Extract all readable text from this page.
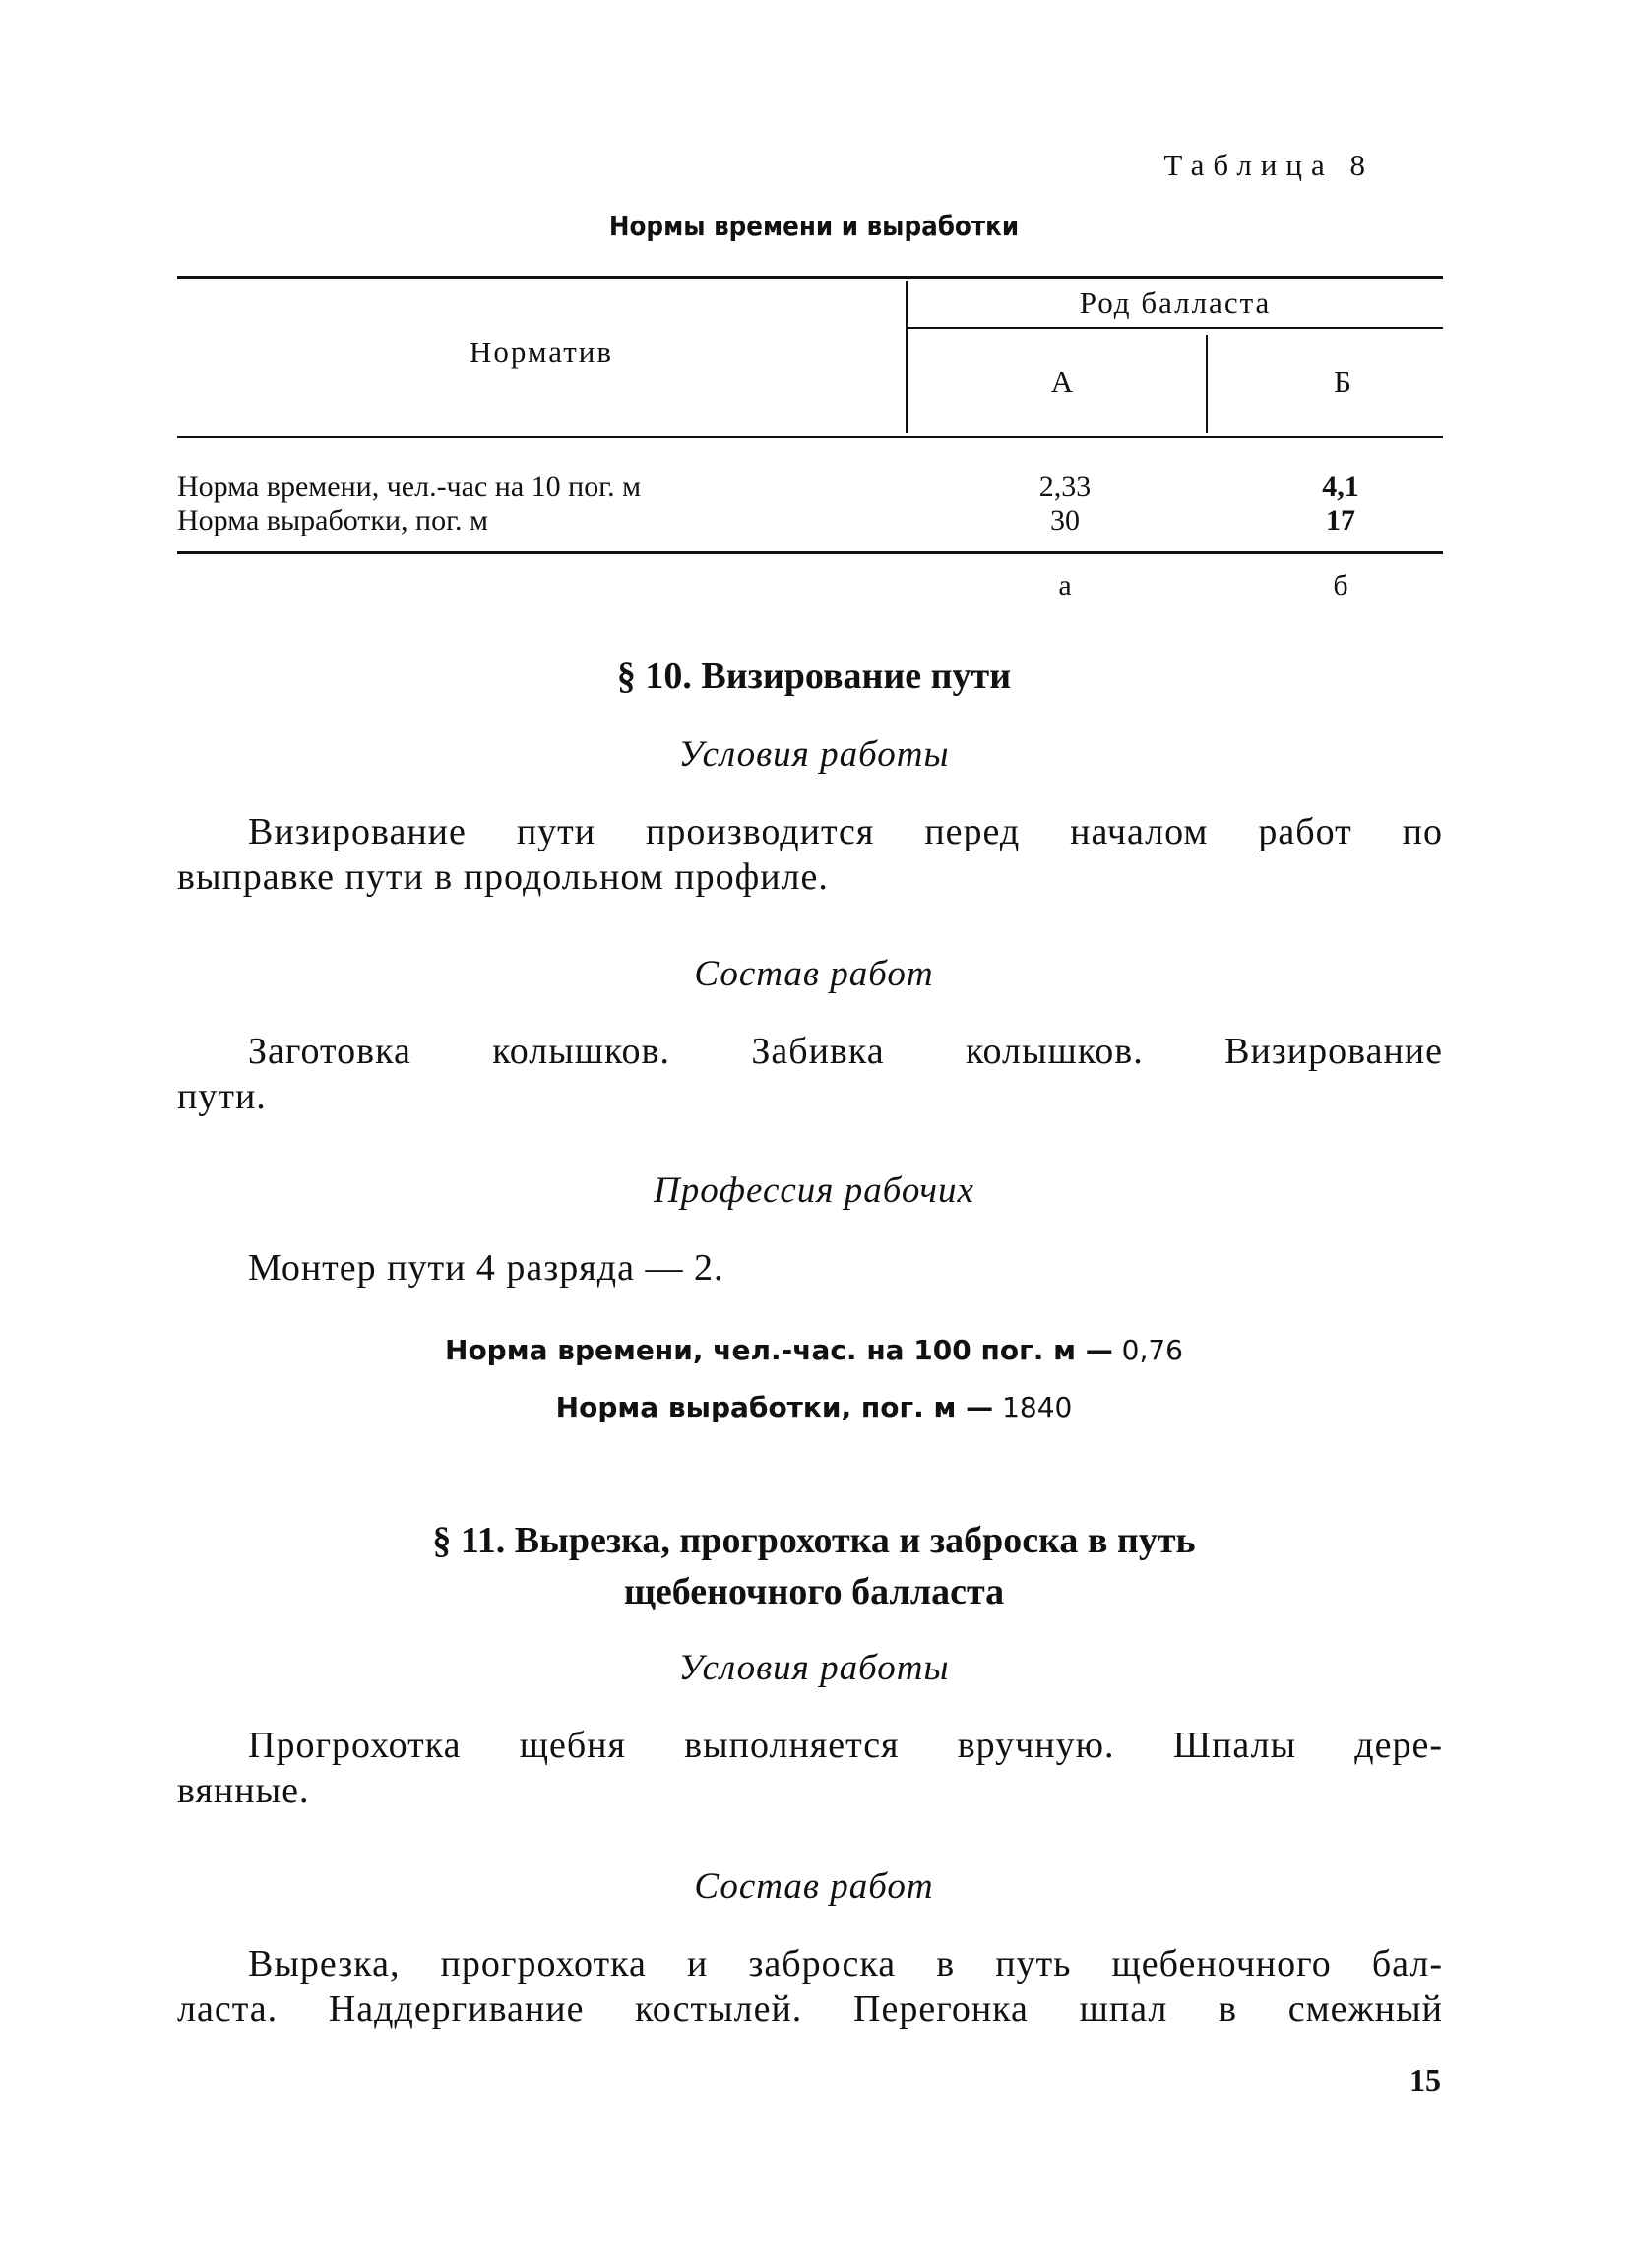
Таблица 8
Нормы времени и выработки
Норматив
Род балласта
А	Б
Норма времени, чел.-час на 10 пог. м	2,33	4,1
Норма выработки, пог. м	30	17
а	б
§ 10. Визирование пути
Условия работы
Визирование пути производится перед началом работ по
выправке пути в продольном профиле.
Состав работ
Заготовка колышков. Забивка колышков. Визирование
пути.
Профессия рабочих
Монтер пути 4 разряда — 2.
Норма времени, чел.-час. на 100 пог. м — 0,76
Норма выработки, пог. м — 1840
§ 11. Вырезка, прогрохотка и заброска в путь
щебеночного балласта
Условия работы
Прогрохотка щебня выполняется вручную. Шпалы дере-
вянные.
Состав работ
Вырезка, прогрохотка и заброска в путь щебеночного бал-
ласта. Наддергивание костылей. Перегонка шпал в смежный
15
